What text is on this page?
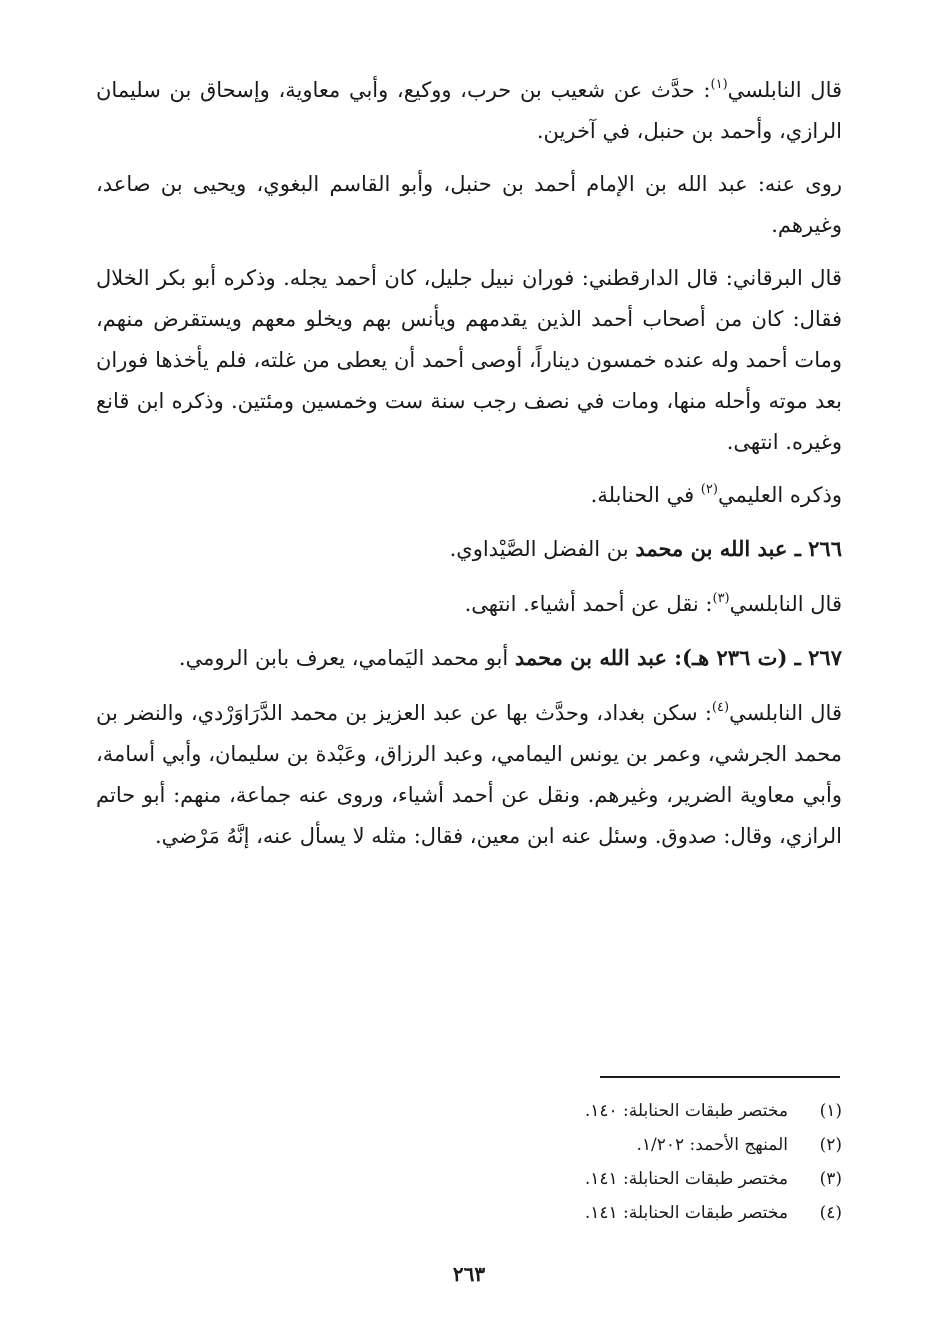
قال النابلسي$^{(١)}$: حدَّث عن شعيب بن حرب، ووكيع، وأبي معاوية، وإسحاق بن سليمان الرازي، وأحمد بن حنبل، في آخرين.

روى عنه: عبد الله بن الإمام أحمد بن حنبل، وأبو القاسم البغوي، ويحيى بن صاعد، وغيرهم.

قال البرقاني: قال الدارقطني: فوران نبيل جليل، كان أحمد يجله. وذكره أبو بكر الخلال فقال: كان من أصحاب أحمد الذين يقدمهم ويأنس بهم ويخلو معهم ويستقرض منهم، ومات أحمد وله عنده خمسون ديناراً، أوصى أحمد أن يعطى من غلته، فلم يأخذها فوران بعد موته وأحله منها، ومات في نصف رجب سنة ست وخمسين ومئتين. وذكره ابن قانع وغيره. انتهى.

وذكره العليمي$^{(٢)}$ في الحنابلة.

٢٦٦ ـ عبد الله بن محمد بن الفضل الصَّيْداوي.

قال النابلسي$^{(٣)}$: نقل عن أحمد أشياء. انتهى.

٢٦٧ ـ (ت ٢٣٦ هـ): عبد الله بن محمد أبو محمد اليَمامي، يعرف بابن الرومي.

قال النابلسي$^{(٤)}$: سكن بغداد، وحدَّث بها عن عبد العزيز بن محمد الدَّرَاوَرْدي، والنضر بن محمد الجرشي، وعمر بن يونس اليمامي، وعبد الرزاق، وعَبْدة بن سليمان، وأبي أسامة، وأبي معاوية الضرير، وغيرهم. ونقل عن أحمد أشياء، وروى عنه جماعة، منهم: أبو حاتم الرازي، وقال: صدوق. وسئل عنه ابن معين، فقال: مثله لا يسأل عنه، إنَّهُ مَرْضي.

(١)مختصر طبقات الحنابلة: ١٤٠.
(٢)المنهج الأحمد: ١/٢٠٢.
(٣)مختصر طبقات الحنابلة: ١٤١.
(٤)مختصر طبقات الحنابلة: ١٤١.
٢٦٣
